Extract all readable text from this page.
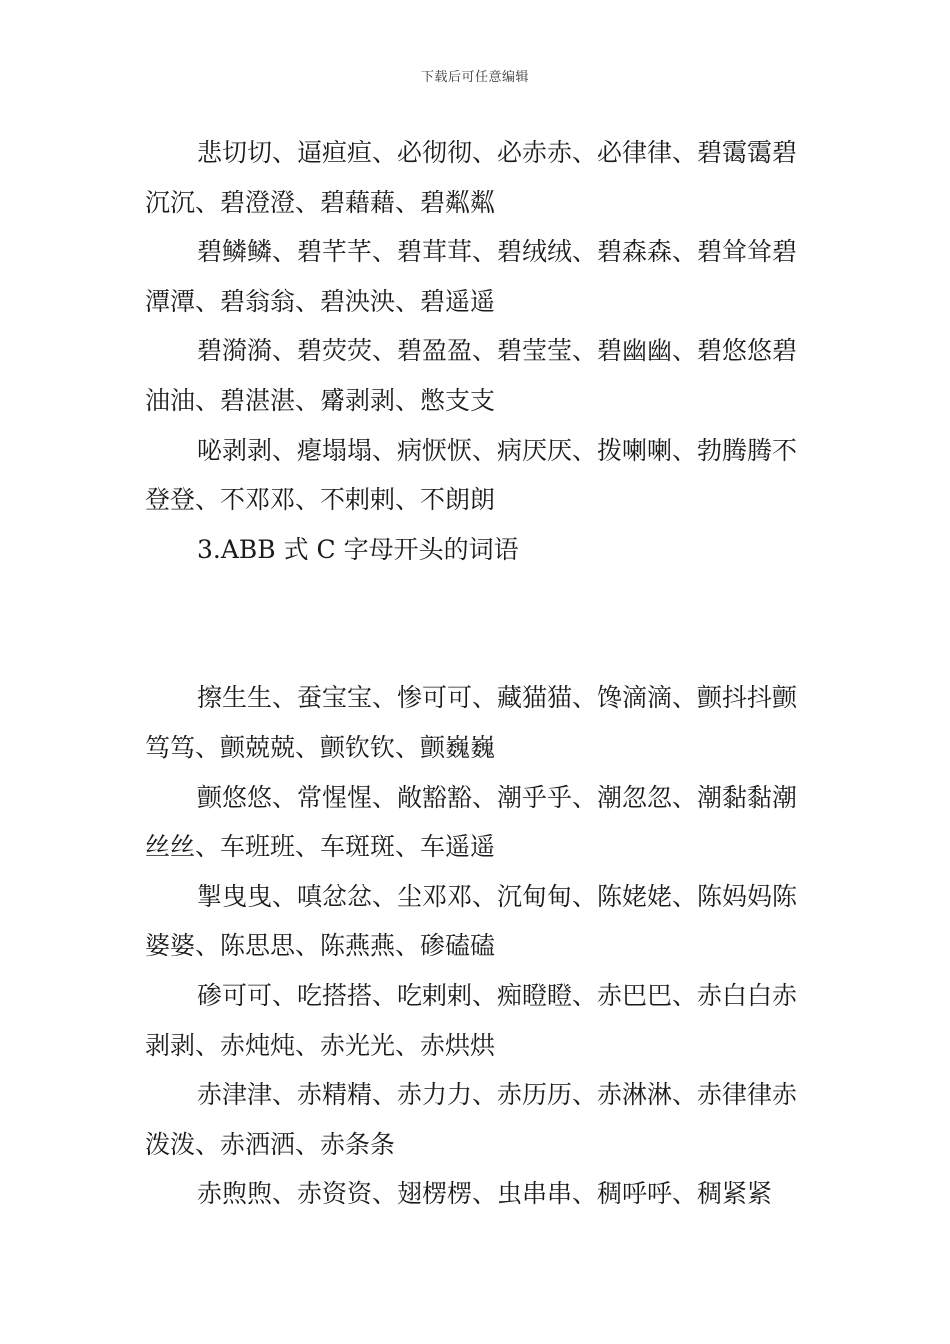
下载后可任意编辑

悲切切、逼疸疸、必彻彻、必赤赤、必律律、碧霭霭碧沉沉、碧澄澄、碧藉藉、碧粼粼

碧鳞鳞、碧芊芊、碧茸茸、碧绒绒、碧森森、碧耸耸碧潭潭、碧翁翁、碧泱泱、碧遥遥

碧漪漪、碧荧荧、碧盈盈、碧莹莹、碧幽幽、碧悠悠碧油油、碧湛湛、觱剥剥、憋支支

咇剥剥、瘪塌塌、病恹恹、病厌厌、拨喇喇、勃腾腾不登登、不邓邓、不剌剌、不朗朗

3.ABB 式 C 字母开头的词语

擦生生、蚕宝宝、惨可可、藏猫猫、馋滴滴、颤抖抖颤笃笃、颤兢兢、颤钦钦、颤巍巍

颤悠悠、常惺惺、敞豁豁、潮乎乎、潮忽忽、潮黏黏潮丝丝、车班班、车斑斑、车遥遥

掣曳曳、嗔忿忿、尘邓邓、沉甸甸、陈姥姥、陈妈妈陈婆婆、陈思思、陈燕燕、碜磕磕

碜可可、吃搭搭、吃剌剌、痴瞪瞪、赤巴巴、赤白白赤剥剥、赤炖炖、赤光光、赤烘烘

赤津津、赤精精、赤力力、赤历历、赤淋淋、赤律律赤泼泼、赤洒洒、赤条条

赤煦煦、赤资资、翅楞楞、虫串串、稠呼呼、稠紧紧
